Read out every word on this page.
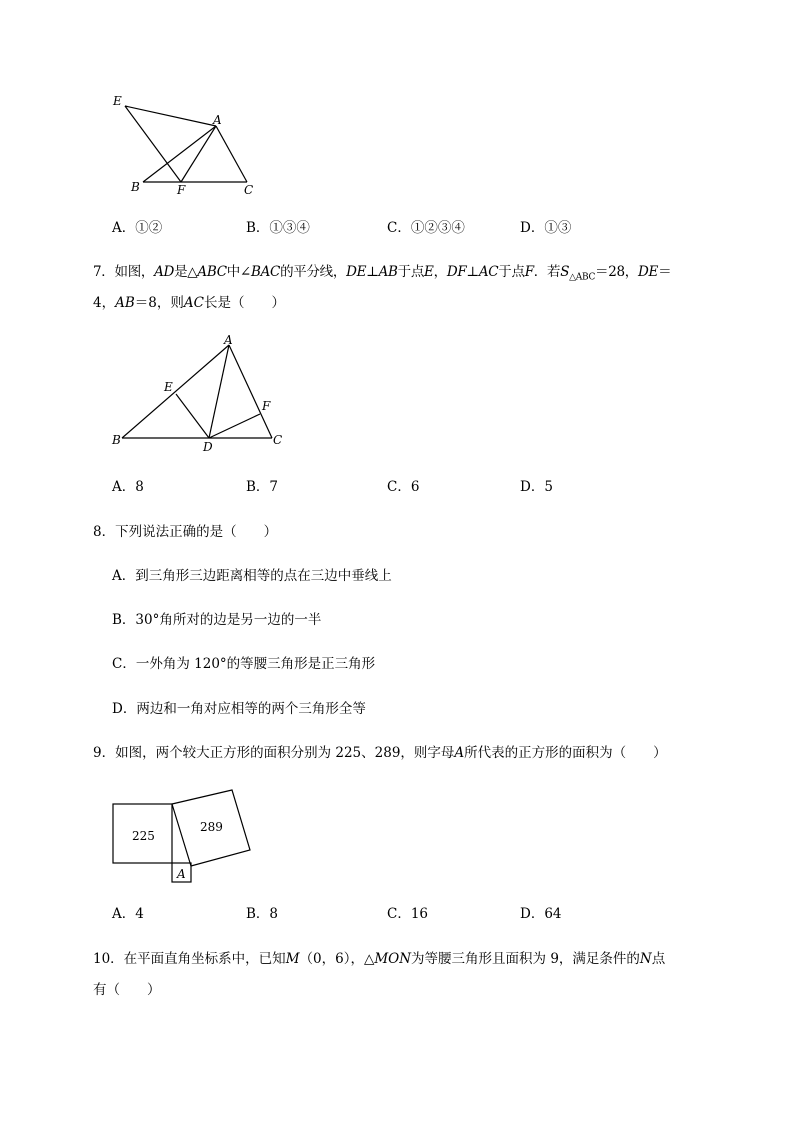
E
A
B	F	C
A．①②	B．①③④	C．①②③④	D．①③
7．如图，AD是△ABC中∠BAC的平分线，DE⊥AB于点E，DF⊥AC于点F．若$S_{\triangle ABC}=28$，DE＝
4，AB＝8，则AC长是（　　）
A
E
F
B	D	C
A．8	B．7	C．6	D．5
8．下列说法正确的是（　　）
A．到三角形三边距离相等的点在三边中垂线上
B．30°角所对的边是另一边的一半
C．一外角为 120°的等腰三角形是正三角形
D．两边和一角对应相等的两个三角形全等
9．如图，两个较大正方形的面积分别为 225、289，则字母A所代表的正方形的面积为（　　）
225
289
A
A．4	B．8	C．16	D．64
10．在平面直角坐标系中，已知M（0，6），△MON为等腰三角形且面积为 9，满足条件的N点
有（　　）
